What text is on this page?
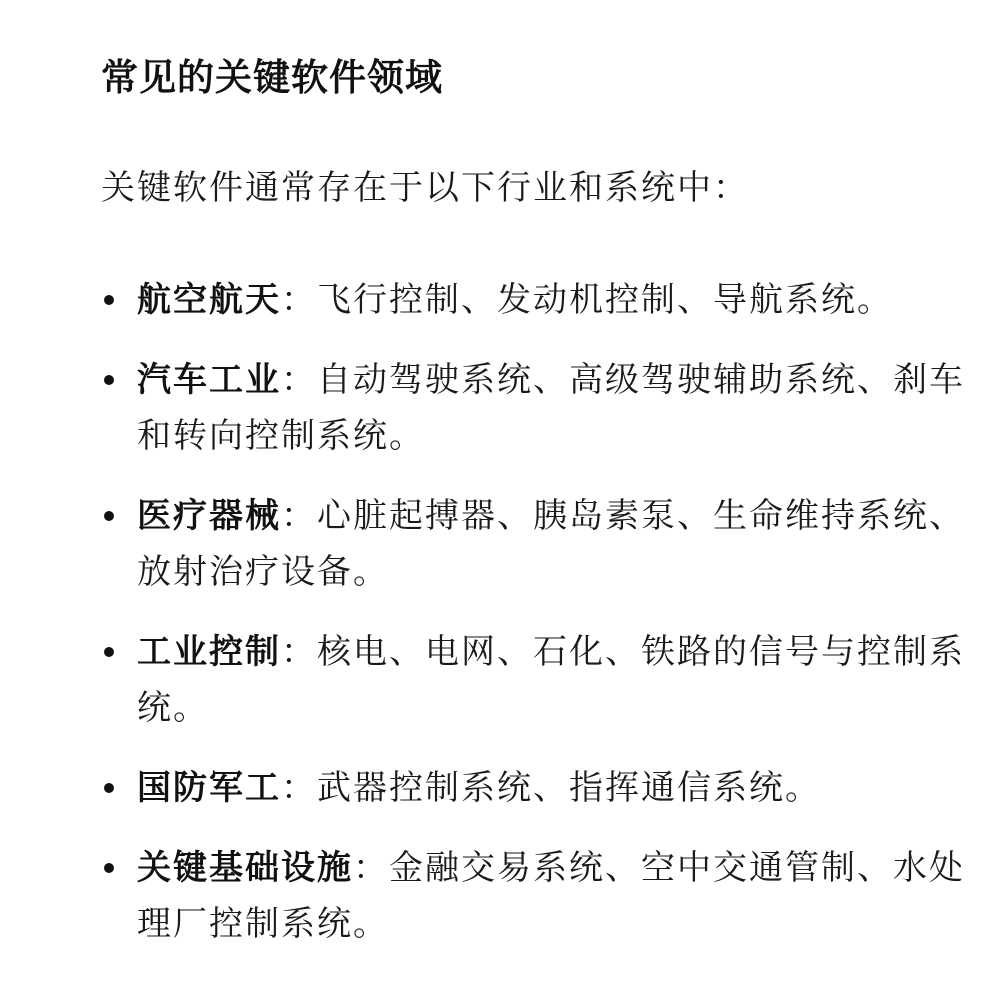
常见的关键软件领域

关键软件通常存在于以下行业和系统中：

航空航天：飞行控制、发动机控制、导航系统。
汽车工业：自动驾驶系统、高级驾驶辅助系统、刹车和转向控制系统。
医疗器械：心脏起搏器、胰岛素泵、生命维持系统、放射治疗设备。
工业控制：核电、电网、石化、铁路的信号与控制系统。
国防军工：武器控制系统、指挥通信系统。
关键基础设施：金融交易系统、空中交通管制、水处理厂控制系统。
